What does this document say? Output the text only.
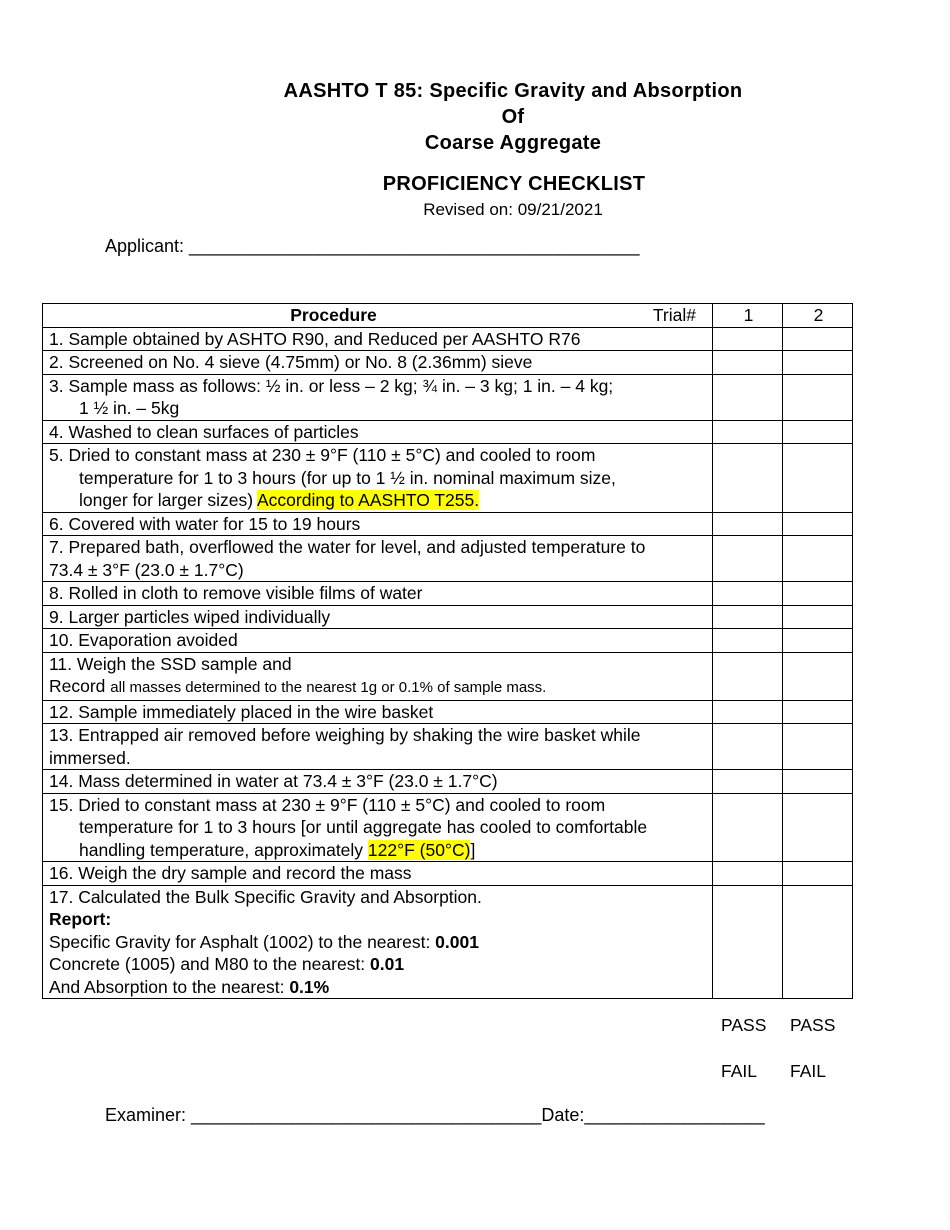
AASHTO T 85: Specific Gravity and Absorption
Of
Coarse Aggregate
PROFICIENCY CHECKLIST
Revised on: 09/21/2021
Applicant: _____________________________________________
Procedure Trial#	1	2
1. Sample obtained by ASHTO R90, and Reduced per AASHTO R76		
2. Screened on No. 4 sieve (4.75mm) or No. 8 (2.36mm) sieve		

3. Sample mass as follows: ½ in. or less – 2 kg; ¾ in. – 3 kg; 1 in. – 4 kg;
1 ½ in. – 5kg		

4. Washed to clean surfaces of particles		

5. Dried to constant mass at 230 ± 9°F (110 ± 5°C) and cooled to room
temperature for 1 to 3 hours (for up to 1 ½ in. nominal maximum size,
longer for larger sizes) According to AASHTO T255.		

6. Covered with water for 15 to 19 hours		

7. Prepared bath, overflowed the water for level, and adjusted temperature to
73.4 ± 3°F (23.0 ± 1.7°C)		

8. Rolled in cloth to remove visible films of water		
9. Larger particles wiped individually		
10. Evaporation avoided		

11. Weigh the SSD sample and
Record all masses determined to the nearest 1g or 0.1% of sample mass.		

12. Sample immediately placed in the wire basket		

13. Entrapped air removed before weighing by shaking the wire basket while
immersed.		

14. Mass determined in water at 73.4 ± 3°F (23.0 ± 1.7°C)		

15. Dried to constant mass at 230 ± 9°F (110 ± 5°C) and cooled to room
temperature for 1 to 3 hours [or until aggregate has cooled to comfortable
handling temperature, approximately 122°F (50°C)]		

16. Weigh the dry sample and record the mass		

17. Calculated the Bulk Specific Gravity and Absorption.
Report:
Specific Gravity for Asphalt (1002) to the nearest: 0.001
Concrete (1005) and M80 to the nearest: 0.01
And Absorption to the nearest: 0.1%		

PASS PASS
FAIL FAIL
Examiner: ___________________________________Date:__________________
